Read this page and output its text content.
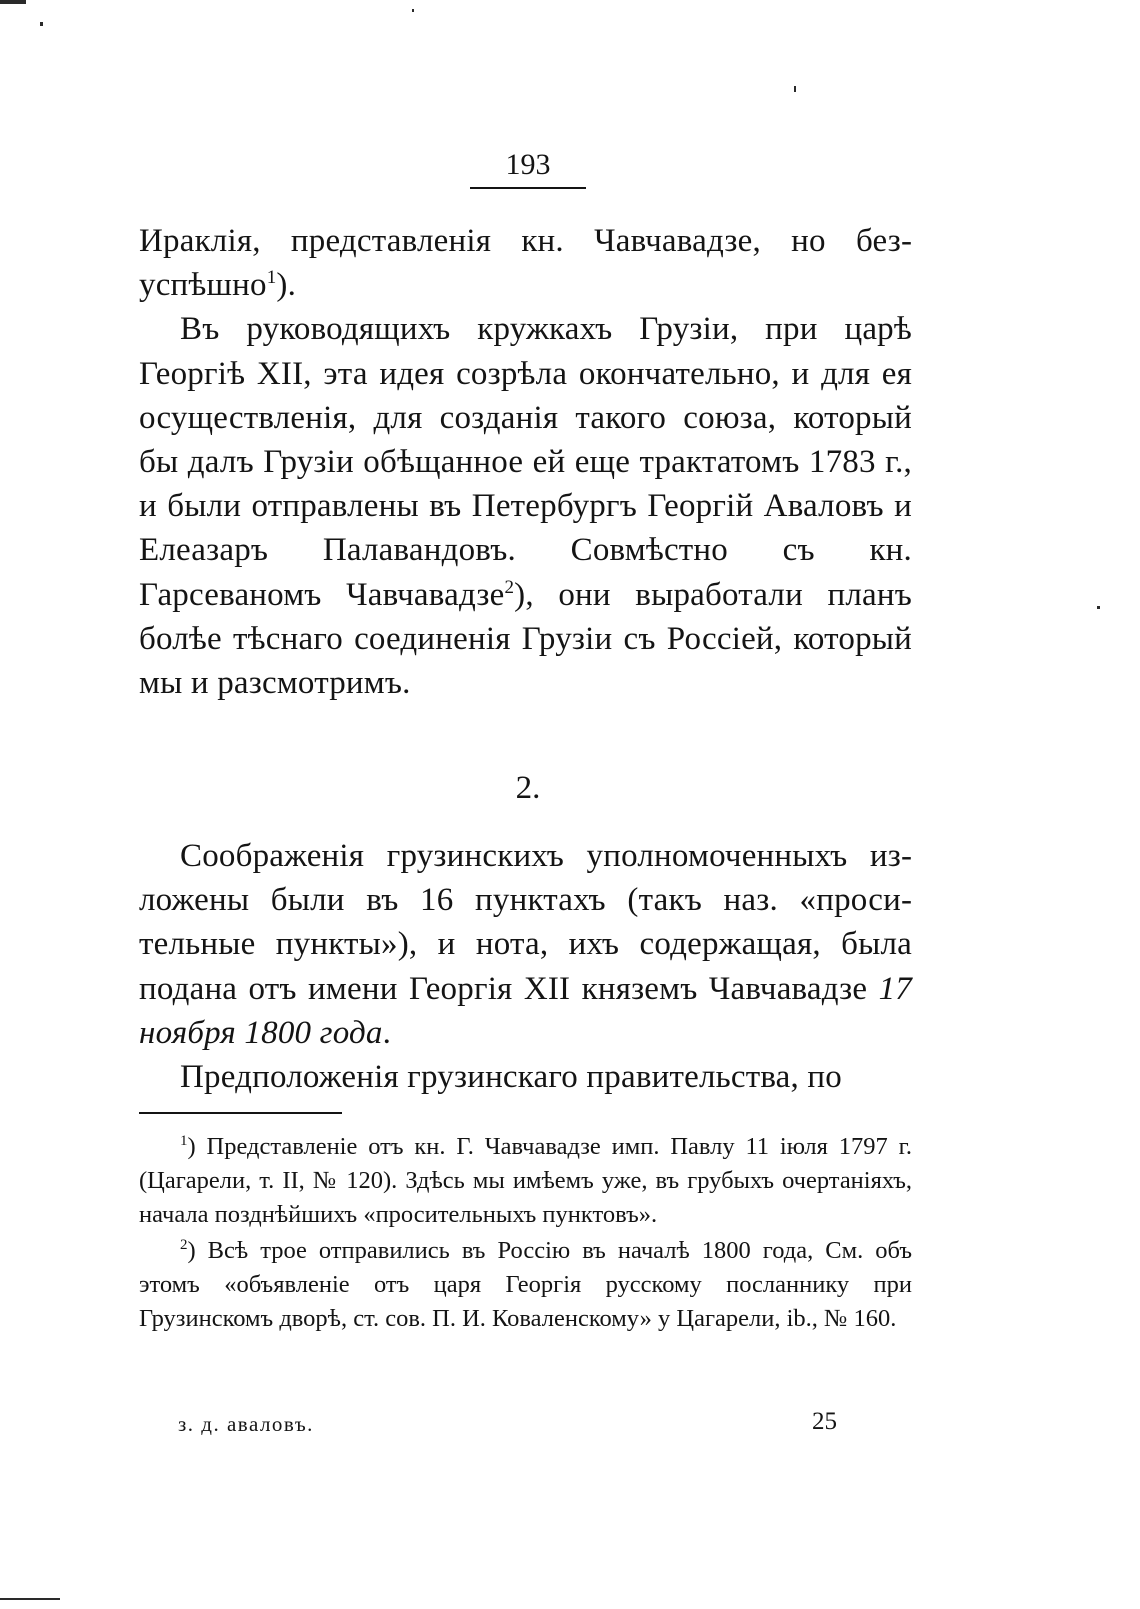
193

Ираклія, представленія кн. Чавчавадзе, но безуспѣшно$^1$).

Въ руководящихъ кружкахъ Грузіи, при царѣ Георгіѣ XII, эта идея созрѣла окончательно, и для ея осуществленія, для созданія такого союза, который бы далъ Грузіи обѣщанное ей еще трактатомъ 1783 г., и были отправлены въ Петербургъ Георгій Аваловъ и Елеазаръ Палавандовъ. Совмѣстно съ кн. Гарсеваномъ Чавчавадзе$^2$), они выработали планъ болѣе тѣснаго соединенія Грузіи съ Россіей, который мы и разсмотримъ.

2.

Соображенія грузинскихъ уполномоченныхъ изложены были въ 16 пунктахъ (такъ наз. «просительные пункты»), и нота, ихъ содержащая, была подана отъ имени Георгія XII княземъ Чавчавадзе 17 ноября 1800 года.

Предположенія грузинскаго правительства, по

$^1$) Представленіе отъ кн. Г. Чавчавадзе имп. Павлу 11 іюля 1797 г. (Цагарели, т. II, № 120). Здѣсь мы имѣемъ уже, въ грубыхъ очертаніяхъ, начала позднѣйшихъ «просительныхъ пунктовъ».

$^2$) Всѣ трое отправились въ Россію въ началѣ 1800 года, См. объ этомъ «объявленіе отъ царя Георгія русскому посланнику при Грузинскомъ дворѣ, ст. сов. П. И. Коваленскому» у Цагарели, ib., № 160.

з. д. аваловъ.	25
